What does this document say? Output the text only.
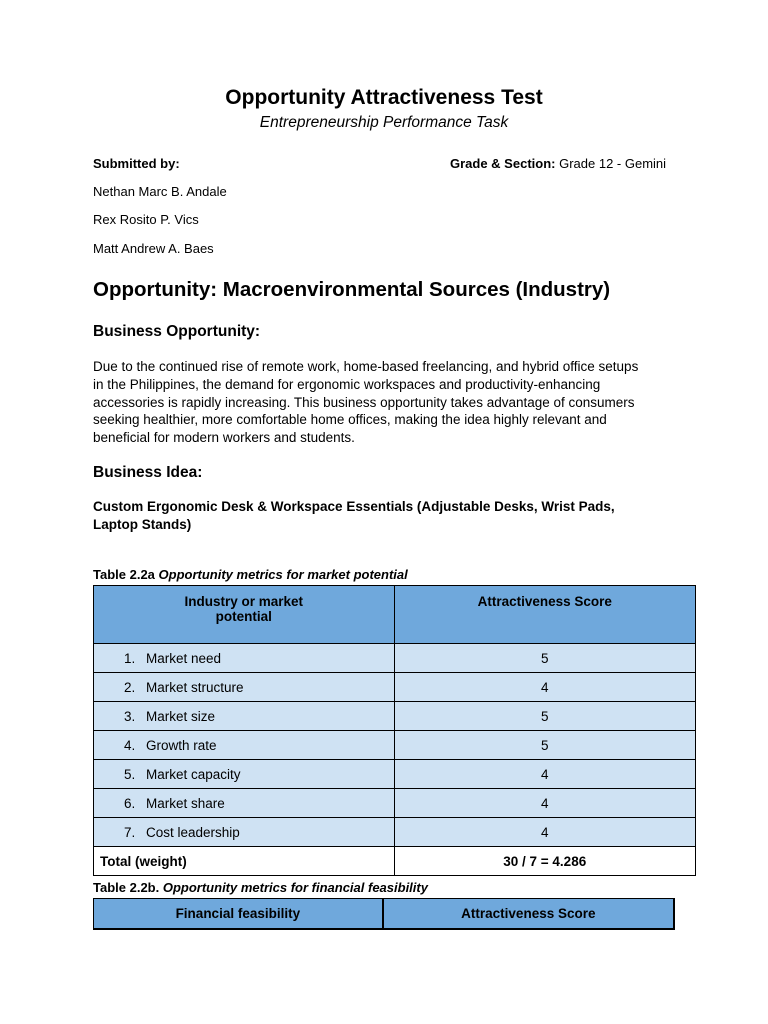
Opportunity Attractiveness Test
Entrepreneurship Performance Task
Submitted by:	Grade & Section: Grade 12 - Gemini
Nethan Marc B. Andale
Rex Rosito P. Vics
Matt Andrew A. Baes
Opportunity: Macroenvironmental Sources (Industry)
Business Opportunity:
Due to the continued rise of remote work, home-based freelancing, and hybrid office setups
in the Philippines, the demand for ergonomic workspaces and productivity-enhancing
accessories is rapidly increasing. This business opportunity takes advantage of consumers
seeking healthier, more comfortable home offices, making the idea highly relevant and
beneficial for modern workers and students.
Business Idea:
Custom Ergonomic Desk & Workspace Essentials (Adjustable Desks, Wrist Pads,
Laptop Stands)
Table 2.2a Opportunity metrics for market potential
Industry or market
potential	Attractiveness Score
1. Market need	5
2. Market structure	4
3. Market size	5
4. Growth rate	5
5. Market capacity	4
6. Market share	4
7. Cost leadership	4
Total (weight)	30 / 7 = 4.286
Table 2.2b. Opportunity metrics for financial feasibility
Financial feasibility	Attractiveness Score
